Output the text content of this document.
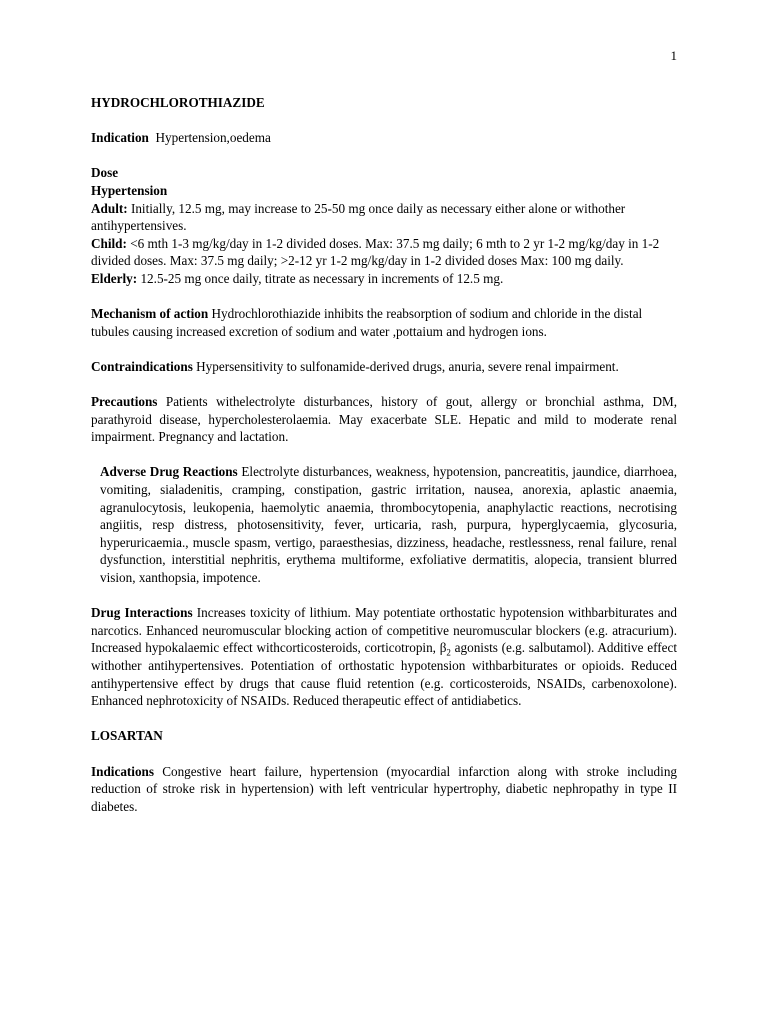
1

HYDROCHLOROTHIAZIDE

Indication Hypertension,oedema

Dose

Hypertension

Adult: Initially, 12.5 mg, may increase to 25-50 mg once daily as necessary either alone or withother antihypertensives.

Child: <6 mth 1-3 mg/kg/day in 1-2 divided doses. Max: 37.5 mg daily; 6 mth to 2 yr 1-2 mg/kg/day in 1-2 divided doses. Max: 37.5 mg daily; >2-12 yr 1-2 mg/kg/day in 1-2 divided doses Max: 100 mg daily.

Elderly: 12.5-25 mg once daily, titrate as necessary in increments of 12.5 mg.

Mechanism of action Hydrochlorothiazide inhibits the reabsorption of sodium and chloride in the distal tubules causing increased excretion of sodium and water ,pottaium and hydrogen ions.

Contraindications Hypersensitivity to sulfonamide-derived drugs, anuria, severe renal impairment.

Precautions Patients withelectrolyte disturbances, history of gout, allergy or bronchial asthma, DM, parathyroid disease, hypercholesterolaemia. May exacerbate SLE. Hepatic and mild to moderate renal impairment. Pregnancy and lactation.

Adverse Drug Reactions Electrolyte disturbances, weakness, hypotension, pancreatitis, jaundice, diarrhoea, vomiting, sialadenitis, cramping, constipation, gastric irritation, nausea, anorexia, aplastic anaemia, agranulocytosis, leukopenia, haemolytic anaemia, thrombocytopenia, anaphylactic reactions, necrotising angiitis, resp distress, photosensitivity, fever, urticaria, rash, purpura, hyperglycaemia, glycosuria, hyperuricaemia., muscle spasm, vertigo, paraesthesias, dizziness, headache, restlessness, renal failure, renal dysfunction, interstitial nephritis, erythema multiforme, exfoliative dermatitis, alopecia, transient blurred vision, xanthopsia, impotence.

Drug Interactions Increases toxicity of lithium. May potentiate orthostatic hypotension withbarbiturates and narcotics. Enhanced neuromuscular blocking action of competitive neuromuscular blockers (e.g. atracurium). Increased hypokalaemic effect withcorticosteroids, corticotropin, $\beta_2$ agonists (e.g. salbutamol). Additive effect withother antihypertensives. Potentiation of orthostatic hypotension withbarbiturates or opioids. Reduced antihypertensive effect by drugs that cause fluid retention (e.g. corticosteroids, NSAIDs, carbenoxolone). Enhanced nephrotoxicity of NSAIDs. Reduced therapeutic effect of antidiabetics.

LOSARTAN

Indications Congestive heart failure, hypertension (myocardial infarction along with stroke including reduction of stroke risk in hypertension) with left ventricular hypertrophy, diabetic nephropathy in type II diabetes.
